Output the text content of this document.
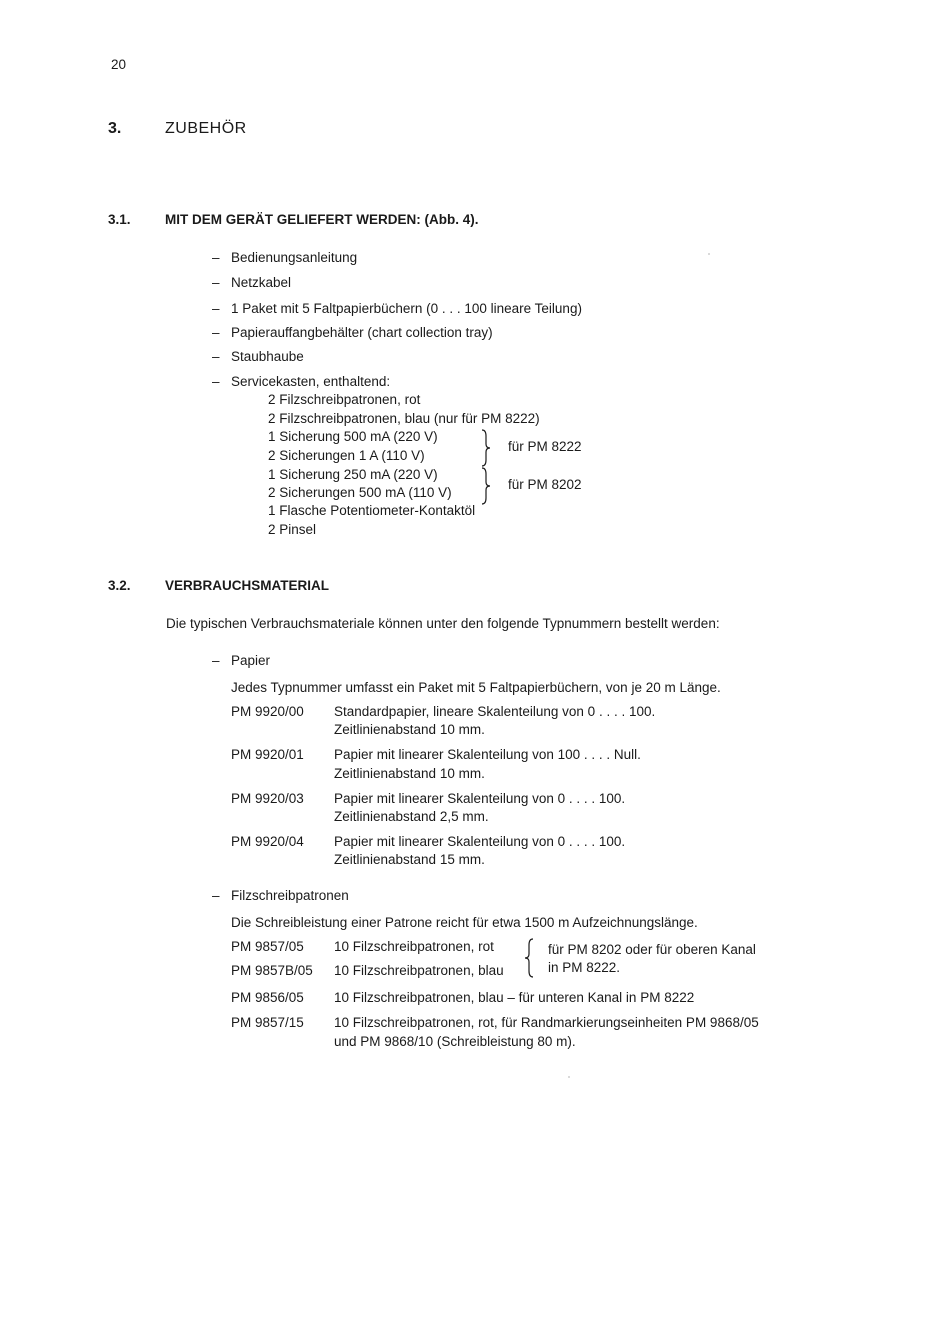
20
3.	ZUBEHÖR
3.1.	MIT DEM GERÄT GELIEFERT WERDEN: (Abb. 4).
– Bedienungsanleitung
– Netzkabel
– 1 Paket mit 5 Faltpapierbüchern (0 . . . 100 lineare Teilung)
– Papierauffangbehälter (chart collection tray)
– Staubhaube
– Servicekasten, enthaltend:
2 Filzschreibpatronen, rot
2 Filzschreibpatronen, blau (nur für PM 8222)
1 Sicherung 500 mA (220 V)
2 Sicherungen 1 A (110 V)
für PM 8222
1 Sicherung 250 mA (220 V)
2 Sicherungen 500 mA (110 V)
für PM 8202
1 Flasche Potentiometer-Kontaktöl
2 Pinsel
3.2.	VERBRAUCHSMATERIAL
Die typischen Verbrauchsmateriale können unter den folgende Typnummern bestellt werden:
– Papier
Jedes Typnummer umfasst ein Paket mit 5 Faltpapierbüchern, von je 20 m Länge.
PM 9920/00 Standardpapier, lineare Skalenteilung von 0 . . . . 100.
Zeitlinienabstand 10 mm.
PM 9920/01 Papier mit linearer Skalenteilung von 100 . . . . Null.
Zeitlinienabstand 10 mm.
PM 9920/03 Papier mit linearer Skalenteilung von 0 . . . . 100.
Zeitlinienabstand 2,5 mm.
PM 9920/04 Papier mit linearer Skalenteilung von 0 . . . . 100.
Zeitlinienabstand 15 mm.
– Filzschreibpatronen
Die Schreibleistung einer Patrone reicht für etwa 1500 m Aufzeichnungslänge.
PM 9857/05 10 Filzschreibpatronen, rot
PM 9857B/05 10 Filzschreibpatronen, blau
für PM 8202 oder für oberen Kanal
in PM 8222.
PM 9856/05 10 Filzschreibpatronen, blau – für unteren Kanal in PM 8222
PM 9857/15 10 Filzschreibpatronen, rot, für Randmarkierungseinheiten PM 9868/05
und PM 9868/10 (Schreibleistung 80 m).
